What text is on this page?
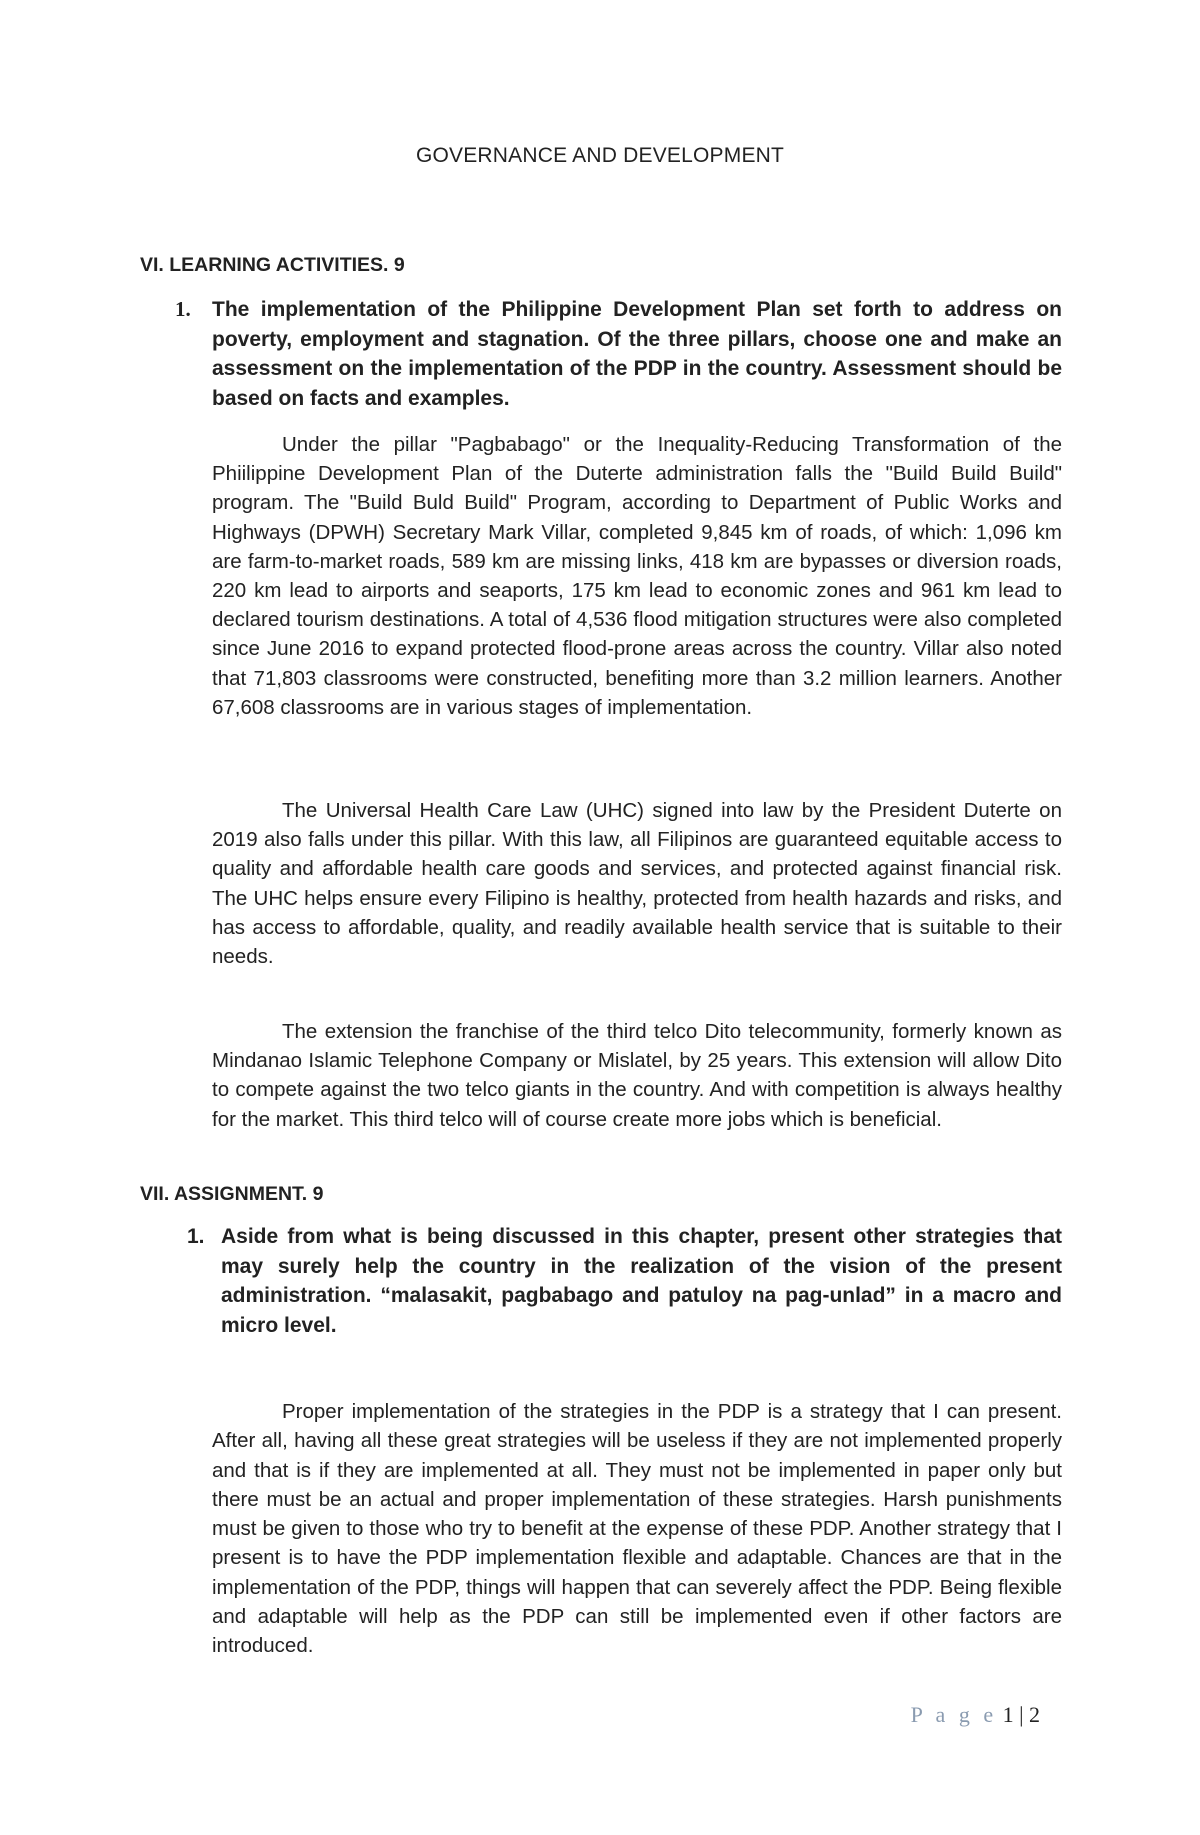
GOVERNANCE AND DEVELOPMENT
VI. LEARNING ACTIVITIES. 9
1. The implementation of the Philippine Development Plan set forth to address on poverty, employment and stagnation. Of the three pillars, choose one and make an assessment on the implementation of the PDP in the country. Assessment should be based on facts and examples.

Under the pillar "Pagbabago" or the Inequality-Reducing Transformation of the Phiilippine Development Plan of the Duterte administration falls the "Build Build Build" program. The "Build Buld Build" Program, according to Department of Public Works and Highways (DPWH) Secretary Mark Villar, completed 9,845 km of roads, of which: 1,096 km are farm-to-market roads, 589 km are missing links, 418 km are bypasses or diversion roads, 220 km lead to airports and seaports, 175 km lead to economic zones and 961 km lead to declared tourism destinations. A total of 4,536 flood mitigation structures were also completed since June 2016 to expand protected flood-prone areas across the country. Villar also noted that 71,803 classrooms were constructed, benefiting more than 3.2 million learners. Another 67,608 classrooms are in various stages of implementation.

The Universal Health Care Law (UHC) signed into law by the President Duterte on 2019 also falls under this pillar. With this law, all Filipinos are guaranteed equitable access to quality and affordable health care goods and services, and protected against financial risk. The UHC helps ensure every Filipino is healthy, protected from health hazards and risks, and has access to affordable, quality, and readily available health service that is suitable to their needs.

The extension the franchise of the third telco Dito telecommunity, formerly known as Mindanao Islamic Telephone Company or Mislatel, by 25 years. This extension will allow Dito to compete against the two telco giants in the country. And with competition is always healthy for the market. This third telco will of course create more jobs which is beneficial.

VII. ASSIGNMENT. 9
1. Aside from what is being discussed in this chapter, present other strategies that may surely help the country in the realization of the vision of the present administration. “malasakit, pagbabago and patuloy na pag-unlad” in a macro and micro level.

Proper implementation of the strategies in the PDP is a strategy that I can present. After all, having all these great strategies will be useless if they are not implemented properly and that is if they are implemented at all. They must not be implemented in paper only but there must be an actual and proper implementation of these strategies. Harsh punishments must be given to those who try to benefit at the expense of these PDP. Another strategy that I present is to have the PDP implementation flexible and adaptable. Chances are that in the implementation of the PDP, things will happen that can severely affect the PDP. Being flexible and adaptable will help as the PDP can still be implemented even if other factors are introduced.

P a g e 1 | 2
